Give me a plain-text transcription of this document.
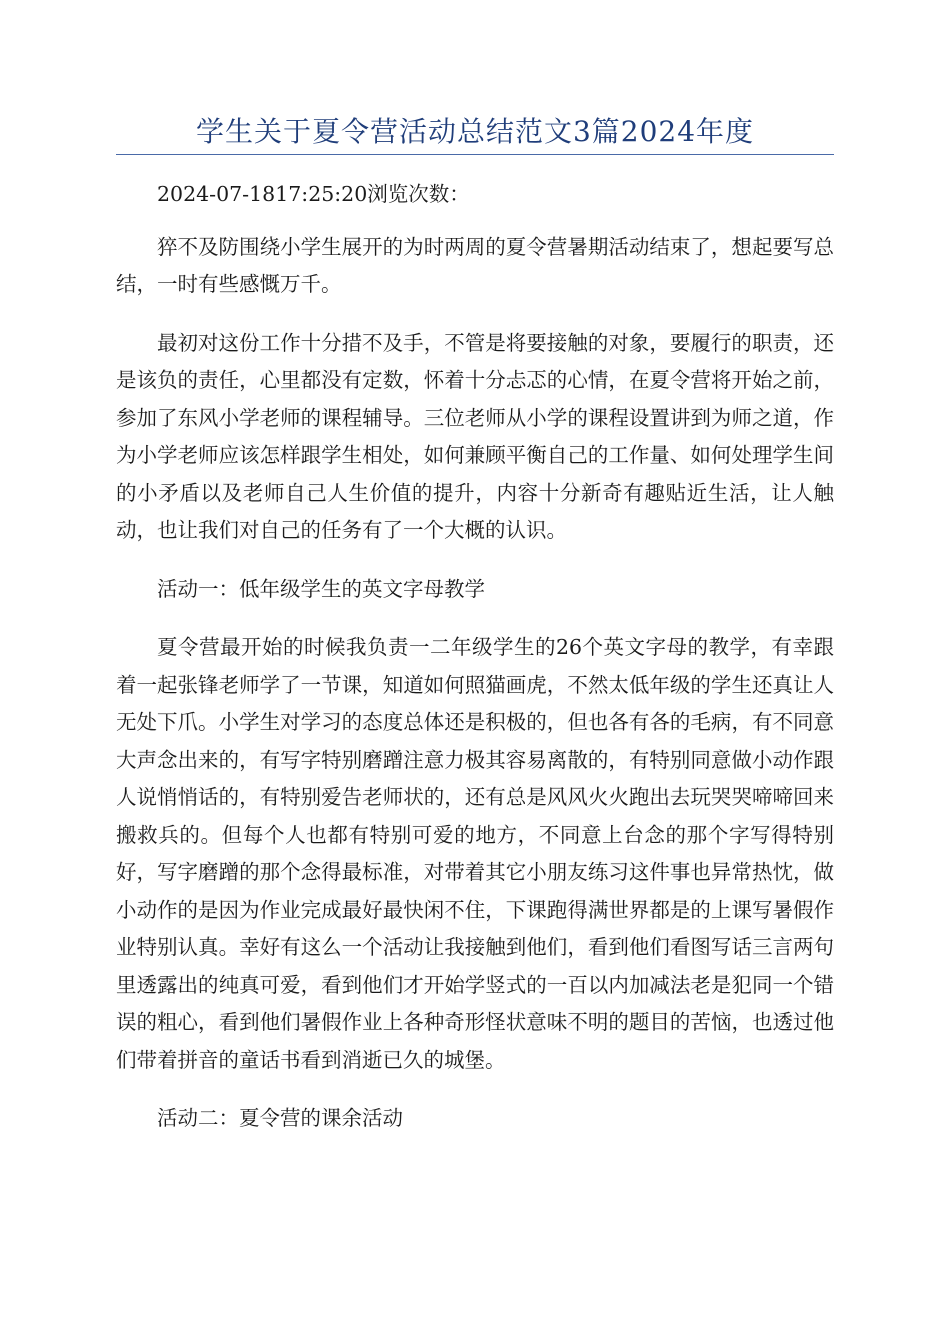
学生关于夏令营活动总结范文3篇2024年度

2024-07-1817:25:20浏览次数：

猝不及防围绕小学生展开的为时两周的夏令营暑期活动结束了，想起要写总结，一时有些感慨万千。

最初对这份工作十分措不及手，不管是将要接触的对象，要履行的职责，还是该负的责任，心里都没有定数，怀着十分忐忑的心情，在夏令营将开始之前，参加了东风小学老师的课程辅导。三位老师从小学的课程设置讲到为师之道，作为小学老师应该怎样跟学生相处，如何兼顾平衡自己的工作量、如何处理学生间的小矛盾以及老师自己人生价值的提升，内容十分新奇有趣贴近生活，让人触动，也让我们对自己的任务有了一个大概的认识。

活动一：低年级学生的英文字母教学

夏令营最开始的时候我负责一二年级学生的26个英文字母的教学，有幸跟着一起张锋老师学了一节课，知道如何照猫画虎，不然太低年级的学生还真让人无处下爪。小学生对学习的态度总体还是积极的，但也各有各的毛病，有不同意大声念出来的，有写字特别磨蹭注意力极其容易离散的，有特别同意做小动作跟人说悄悄话的，有特别爱告老师状的，还有总是风风火火跑出去玩哭哭啼啼回来搬救兵的。但每个人也都有特别可爱的地方，不同意上台念的那个字写得特别好，写字磨蹭的那个念得最标准，对带着其它小朋友练习这件事也异常热忱，做小动作的是因为作业完成最好最快闲不住，下课跑得满世界都是的上课写暑假作业特别认真。幸好有这么一个活动让我接触到他们，看到他们看图写话三言两句里透露出的纯真可爱，看到他们才开始学竖式的一百以内加减法老是犯同一个错误的粗心，看到他们暑假作业上各种奇形怪状意味不明的题目的苦恼，也透过他们带着拼音的童话书看到消逝已久的城堡。

活动二：夏令营的课余活动
